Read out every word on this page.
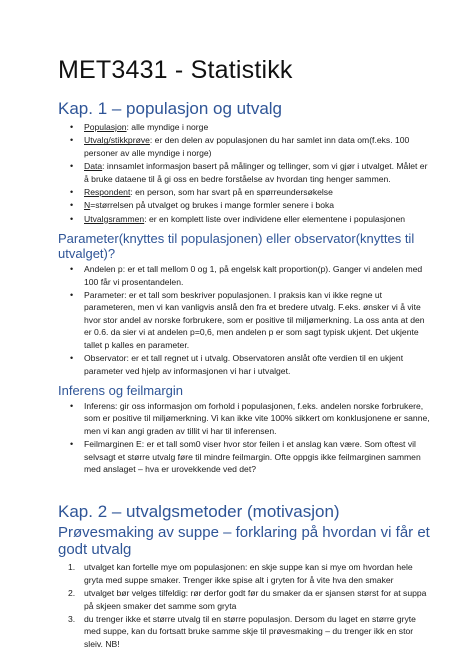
MET3431 - Statistikk
Kap. 1 – populasjon og utvalg
• Populasjon: alle myndige i norge
• Utvalg/stikkprøve: er den delen av populasjonen du har samlet inn data om(f.eks. 100 personer av alle myndige i norge)
• Data: innsamlet informasjon basert på målinger og tellinger, som vi gjør i utvalget. Målet er å bruke dataene til å gi oss en bedre forståelse av hvordan ting henger sammen.
• Respondent: en person, som har svart på en spørreundersøkelse
• N=størrelsen på utvalget og brukes i mange formler senere i boka
• Utvalgsrammen: er en komplett liste over individene eller elementene i populasjonen
Parameter(knyttes til populasjonen) eller observator(knyttes til utvalget)?
• Andelen p: er et tall mellom 0 og 1, på engelsk kalt proportion(p). Ganger vi andelen med 100 får vi prosentandelen.
• Parameter: er et tall som beskriver populasjonen. I praksis kan vi ikke regne ut parameteren, men vi kan vanligvis anslå den fra et bredere utvalg. F.eks. ønsker vi å vite hvor stor andel av norske forbrukere, som er positive til miljømerkning. La oss anta at den er 0.6. da sier vi at andelen p=0,6, men andelen p er som sagt typisk ukjent. Det ukjente tallet p kalles en parameter.
• Observator: er et tall regnet ut i utvalg. Observatoren anslåt ofte verdien til en ukjent parameter ved hjelp av informasjonen vi har i utvalget.
Inferens og feilmargin
• Inferens: gir oss informasjon om forhold i populasjonen, f.eks. andelen norske forbrukere, som er positive til miljømerkning. Vi kan ikke vite 100% sikkert om konklusjonene er sanne, men vi kan angi graden av tillit vi har til inferensen.
• Feilmarginen E: er et tall som0 viser hvor stor feilen i et anslag kan være. Som oftest vil selvsagt et større utvalg føre til mindre feilmargin. Ofte oppgis ikke feilmarginen sammen med anslaget – hva er urovekkende ved det?
Kap. 2 – utvalgsmetoder (motivasjon)
Prøvesmaking av suppe – forklaring på hvordan vi får et godt utvalg
1. utvalget kan fortelle mye om populasjonen: en skje suppe kan si mye om hvordan hele gryta med suppe smaker. Trenger ikke spise alt i gryten for å vite hva den smaker
2. utvalget bør velges tilfeldig: rør derfor godt før du smaker da er sjansen størst for at suppa på skjeen smaker det samme som gryta
3. du trenger ikke et større utvalg til en større populasjon. Dersom du laget en større gryte med suppe, kan du fortsatt bruke samme skje til prøvesmaking – du trenger ikk en stor sleiv. NB!
